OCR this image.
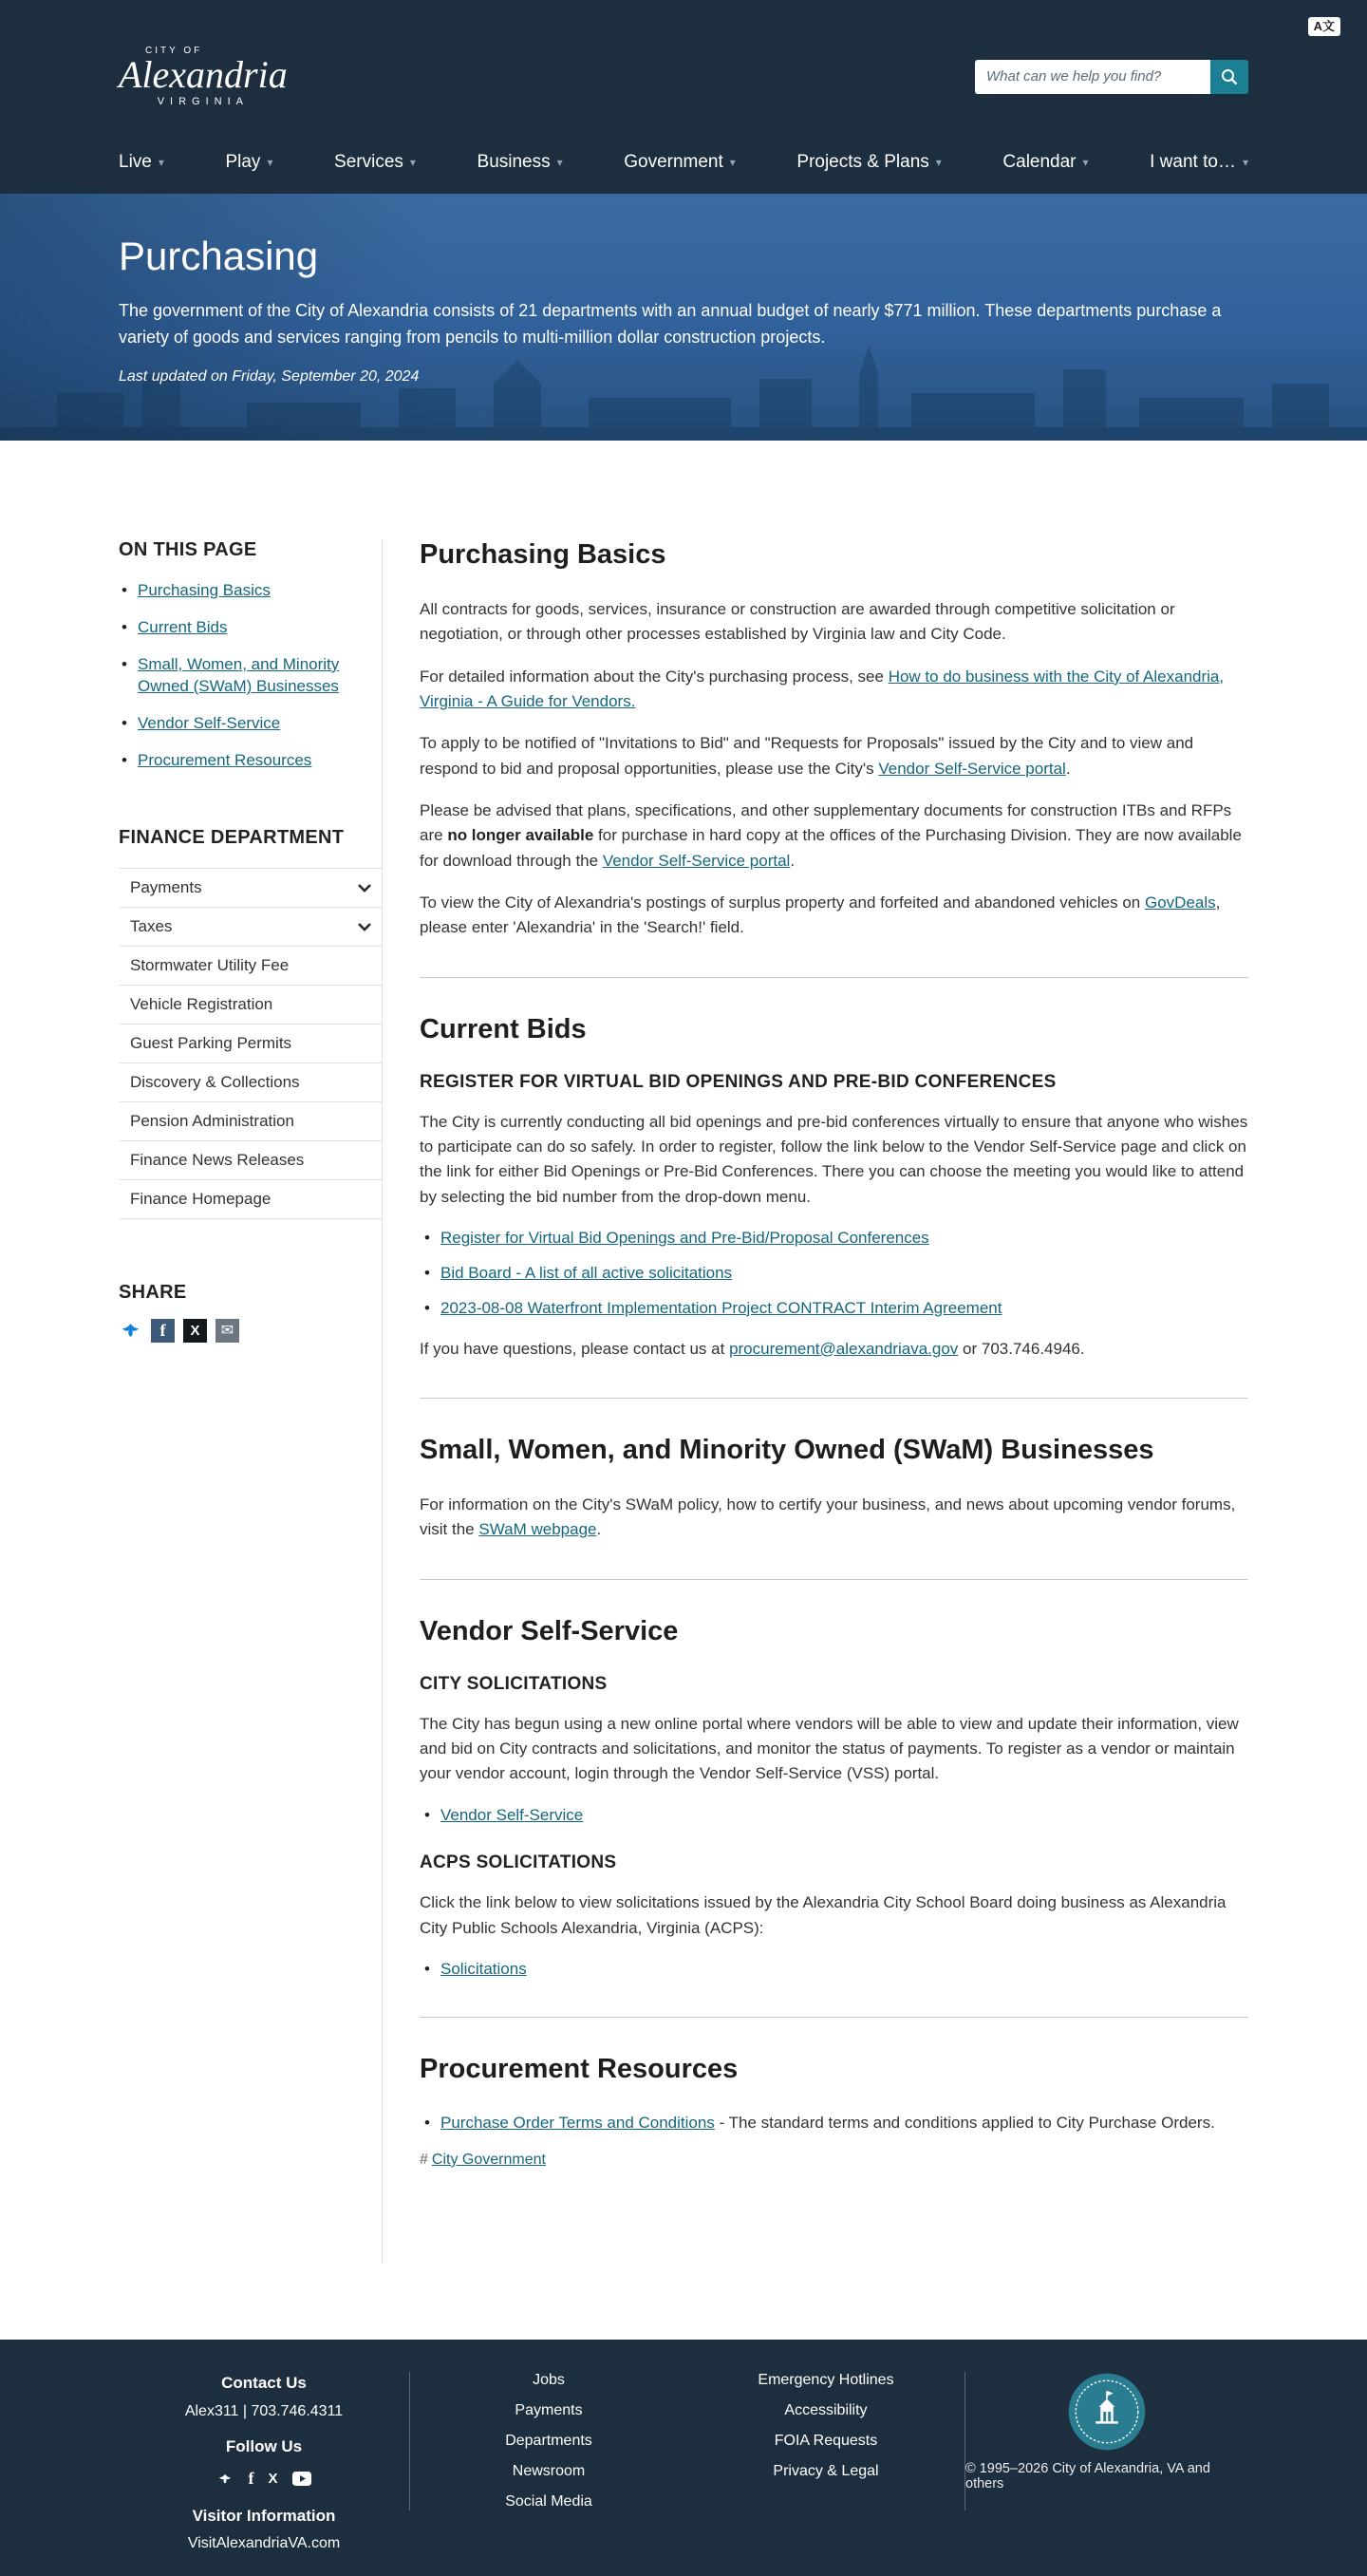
A文
CITY OF
Alexandria
VIRGINIA
What can we help you find?
Live ▾	Play ▾	Services ▾	Business ▾	Government ▾	Projects & Plans ▾	Calendar ▾	I want to…
▾
Purchasing

The government of the City of Alexandria consists of 21 departments with an annual budget of nearly $771 million. These departments purchase a variety of goods and services ranging from pencils to multi-million dollar construction projects.

Last updated on Friday, September 20, 2024

ON THIS PAGE
• Purchasing Basics
• Current Bids
• Small, Women, and Minority Owned (SWaM) Businesses
• Vendor Self-Service
• Procurement Resources
FINANCE DEPARTMENT
Payments
Taxes
Stormwater Utility Fee
Vehicle Registration
Guest Parking Permits
Discovery & Collections
Pension Administration
Finance News Releases
Finance Homepage
SHARE
f
X
✉
Purchasing Basics

All contracts for goods, services, insurance or construction are awarded through competitive solicitation or negotiation, or through other processes established by Virginia law and City Code.

For detailed information about the City's purchasing process, see How to do business with the City of Alexandria, Virginia - A Guide for Vendors.

To apply to be notified of "Invitations to Bid" and "Requests for Proposals" issued by the City and to view and respond to bid and proposal opportunities, please use the City's Vendor Self-Service portal.

Please be advised that plans, specifications, and other supplementary documents for construction ITBs and RFPs are no longer available for purchase in hard copy at the offices of the Purchasing Division. They are now available for download through the Vendor Self-Service portal.

To view the City of Alexandria's postings of surplus property and forfeited and abandoned vehicles on GovDeals, please enter 'Alexandria' in the 'Search!' field.

Current Bids
REGISTER FOR VIRTUAL BID OPENINGS AND PRE-BID CONFERENCES

The City is currently conducting all bid openings and pre-bid conferences virtually to ensure that anyone who wishes to participate can do so safely. In order to register, follow the link below to the Vendor Self-Service page and click on the link for either Bid Openings or Pre-Bid Conferences. There you can choose the meeting you would like to attend by selecting the bid number from the drop-down menu.

• Register for Virtual Bid Openings and Pre-Bid/Proposal Conferences
• Bid Board - A list of all active solicitations
• 2023-08-08 Waterfront Implementation Project CONTRACT Interim Agreement

If you have questions, please contact us at procurement@alexandriava.gov or 703.746.4946.

Small, Women, and Minority Owned (SWaM) Businesses

For information on the City's SWaM policy, how to certify your business, and news about upcoming vendor forums, visit the SWaM webpage.

Vendor Self-Service
CITY SOLICITATIONS

The City has begun using a new online portal where vendors will be able to view and update their information, view and bid on City contracts and solicitations, and monitor the status of payments. To register as a vendor or maintain your vendor account, login through the Vendor Self-Service (VSS) portal.

• Vendor Self-Service
ACPS SOLICITATIONS

Click the link below to view solicitations issued by the Alexandria City School Board doing business as Alexandria City Public Schools Alexandria, Virginia (ACPS):

• Solicitations
Procurement Resources
• Purchase Order Terms and Conditions - The standard terms and conditions applied to City Purchase Orders.
# City Government
Contact Us
Alex311 | 703.746.4311
Follow Us
f
X
Visitor Information
VisitAlexandriaVA.com
Jobs
Payments
Departments
Newsroom
Social Media
Emergency Hotlines
Accessibility
FOIA Requests
Privacy & Legal	© 1995–2026 City of Alexandria, VA and others
